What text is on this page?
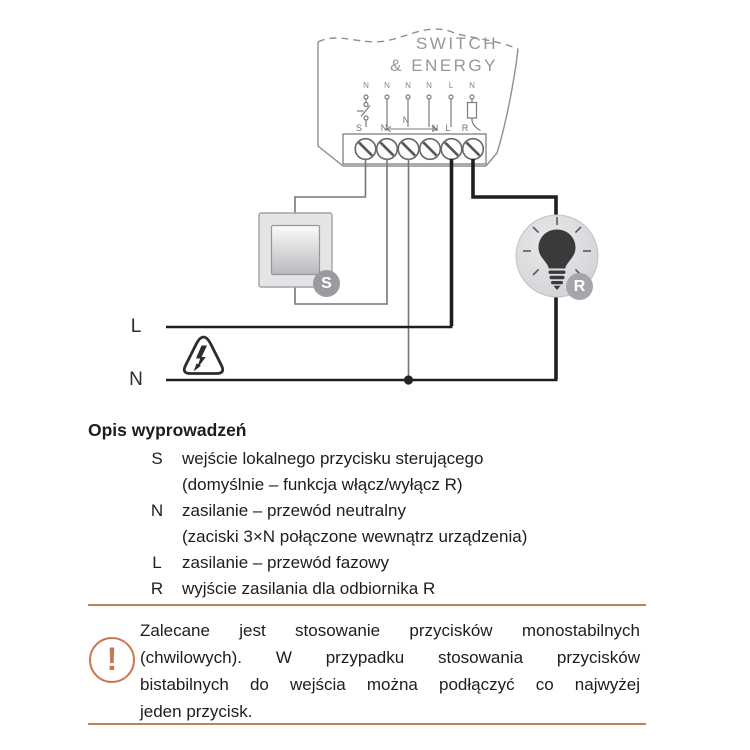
SWITCH
& ENERGY
N	N	N	N	L	N
S	N
N
N L	R
L
N
S	R
Opis wyprowadzeń
S	wejście lokalnego przycisku sterującego
(domyślnie – funkcja włącz/wyłącz R)
N	zasilanie – przewód neutralny
(zaciski 3×N połączone wewnątrz urządzenia)
L	zasilanie – przewód fazowy
R	wyjście zasilania dla odbiornika R
!
Zalecane jest stosowanie przycisków monostabilnych
(chwilowych). W przypadku stosowania przycisków
bistabilnych do wejścia można podłączyć co najwyżej
jeden przycisk.
